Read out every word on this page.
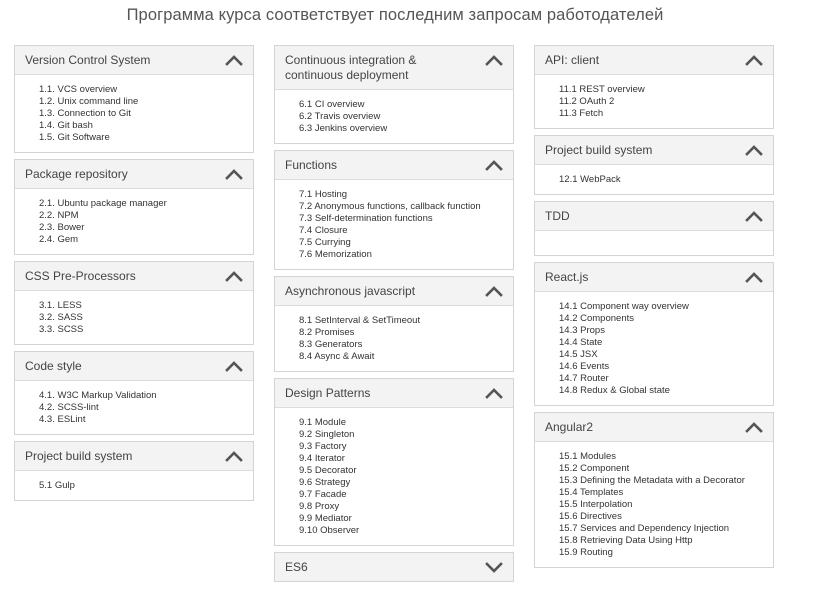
Программа курса соответствует последним запросам работодателей
Version Control System
1.1. VCS overview
1.2. Unix command line
1.3. Connection to Git
1.4. Git bash
1.5. Git Software
Package repository
2.1. Ubuntu package manager
2.2. NPM
2.3. Bower
2.4. Gem
CSS Pre-Processors
3.1. LESS
3.2. SASS
3.3. SCSS
Code style
4.1. W3C Markup Validation
4.2. SCSS-lint
4.3. ESLint
Project build system
5.1 Gulp
Continuous integration & continuous deployment
6.1 CI overview
6.2 Travis overview
6.3 Jenkins overview
Functions
7.1 Hosting
7.2 Anonymous functions, callback function
7.3 Self-determination functions
7.4 Closure
7.5 Currying
7.6 Memorization
Asynchronous javascript
8.1 SetInterval & SetTimeout
8.2 Promises
8.3 Generators
8.4 Async & Await
Design Patterns
9.1 Module
9.2 Singleton
9.3 Factory
9.4 Iterator
9.5 Decorator
9.6 Strategy
9.7 Facade
9.8 Proxy
9.9 Mediator
9.10 Observer
ES6
API: client
11.1 REST overview
11.2 OAuth 2
11.3 Fetch
Project build system
12.1 WebPack
TDD
React.js
14.1 Component way overview
14.2 Components
14.3 Props
14.4 State
14.5 JSX
14.6 Events
14.7 Router
14.8 Redux & Global state
Angular2
15.1 Modules
15.2 Component
15.3 Defining the Metadata with a Decorator
15.4 Templates
15.5 Interpolation
15.6 Directives
15.7 Services and Dependency Injection
15.8 Retrieving Data Using Http
15.9 Routing
